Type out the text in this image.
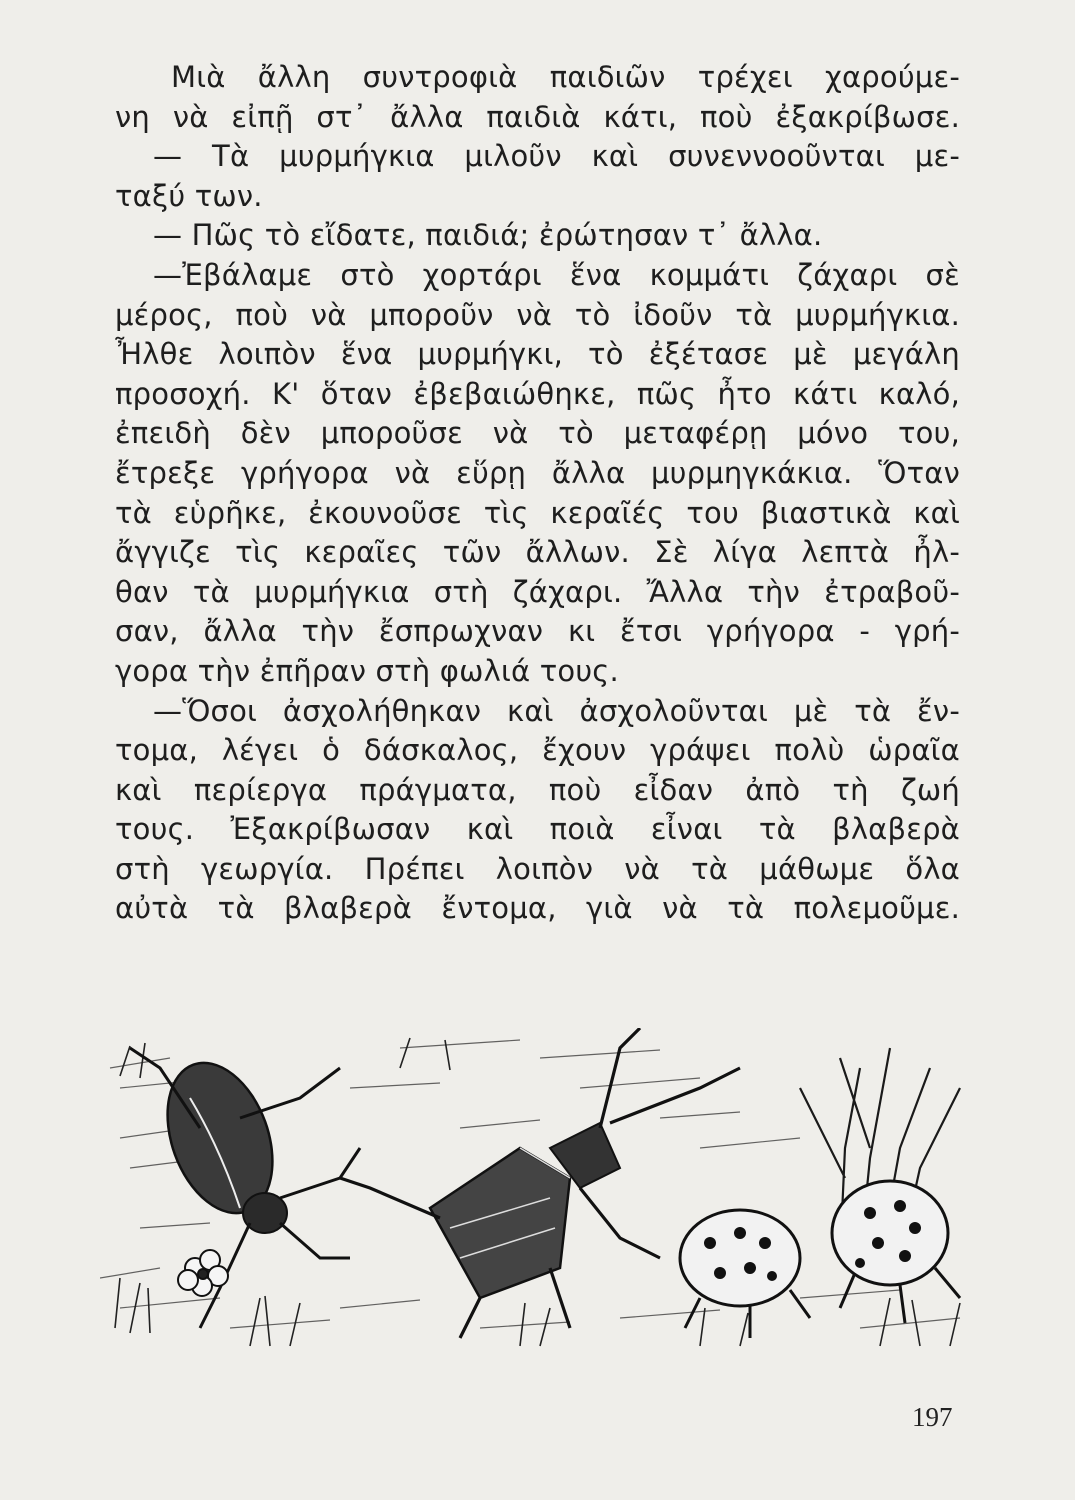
Μιὰ ἄλλη συντροφιὰ παιδιῶν τρέχει χαρούμε-
νη νὰ εἰπῇ στ᾽ ἄλλα παιδιὰ κάτι, ποὺ ἐξακρίβωσε.
— Τὰ μυρμήγκια μιλοῦν καὶ συνεννοοῦνται με-
ταξύ των.
— Πῶς τὸ εἴδατε, παιδιά; ἐρώτησαν τ᾽ ἄλλα.
—Ἐβάλαμε στὸ χορτάρι ἕνα κομμάτι ζάχαρι σὲ
μέρος, ποὺ νὰ μποροῦν νὰ τὸ ἰδοῦν τὰ μυρμήγκια.
Ἦλθε λοιπὸν ἕνα μυρμήγκι, τὸ ἐξέτασε μὲ μεγάλη
προσοχή. Κ' ὅταν ἐβεβαιώθηκε, πῶς ἦτο κάτι καλό,
ἐπειδὴ δὲν μποροῦσε νὰ τὸ μεταφέρῃ μόνο του,
ἔτρεξε γρήγορα νὰ εὕρῃ ἄλλα μυρμηγκάκια. Ὅταν
τὰ εὑρῆκε, ἐκουνοῦσε τὶς κεραῖές του βιαστικὰ καὶ
ἄγγιζε τὶς κεραῖες τῶν ἄλλων. Σὲ λίγα λεπτὰ ἦλ-
θαν τὰ μυρμήγκια στὴ ζάχαρι. Ἄλλα τὴν ἐτραβοῦ-
σαν, ἄλλα τὴν ἔσπρωχναν κι ἔτσι γρήγορα - γρή-
γορα τὴν ἐπῆραν στὴ φωλιά τους.
—Ὅσοι ἀσχολήθηκαν καὶ ἀσχολοῦνται μὲ τὰ ἔν-
τομα, λέγει ὁ δάσκαλος, ἔχουν γράψει πολὺ ὡραῖα
καὶ περίεργα πράγματα, ποὺ εἶδαν ἀπὸ τὴ ζωή
τους. Ἐξακρίβωσαν καὶ ποιὰ εἶναι τὰ βλαβερὰ
στὴ γεωργία. Πρέπει λοιπὸν νὰ τὰ μάθωμε ὅλα
αὐτὰ τὰ βλαβερὰ ἔντομα, γιὰ νὰ τὰ πολεμοῦμε.
197
